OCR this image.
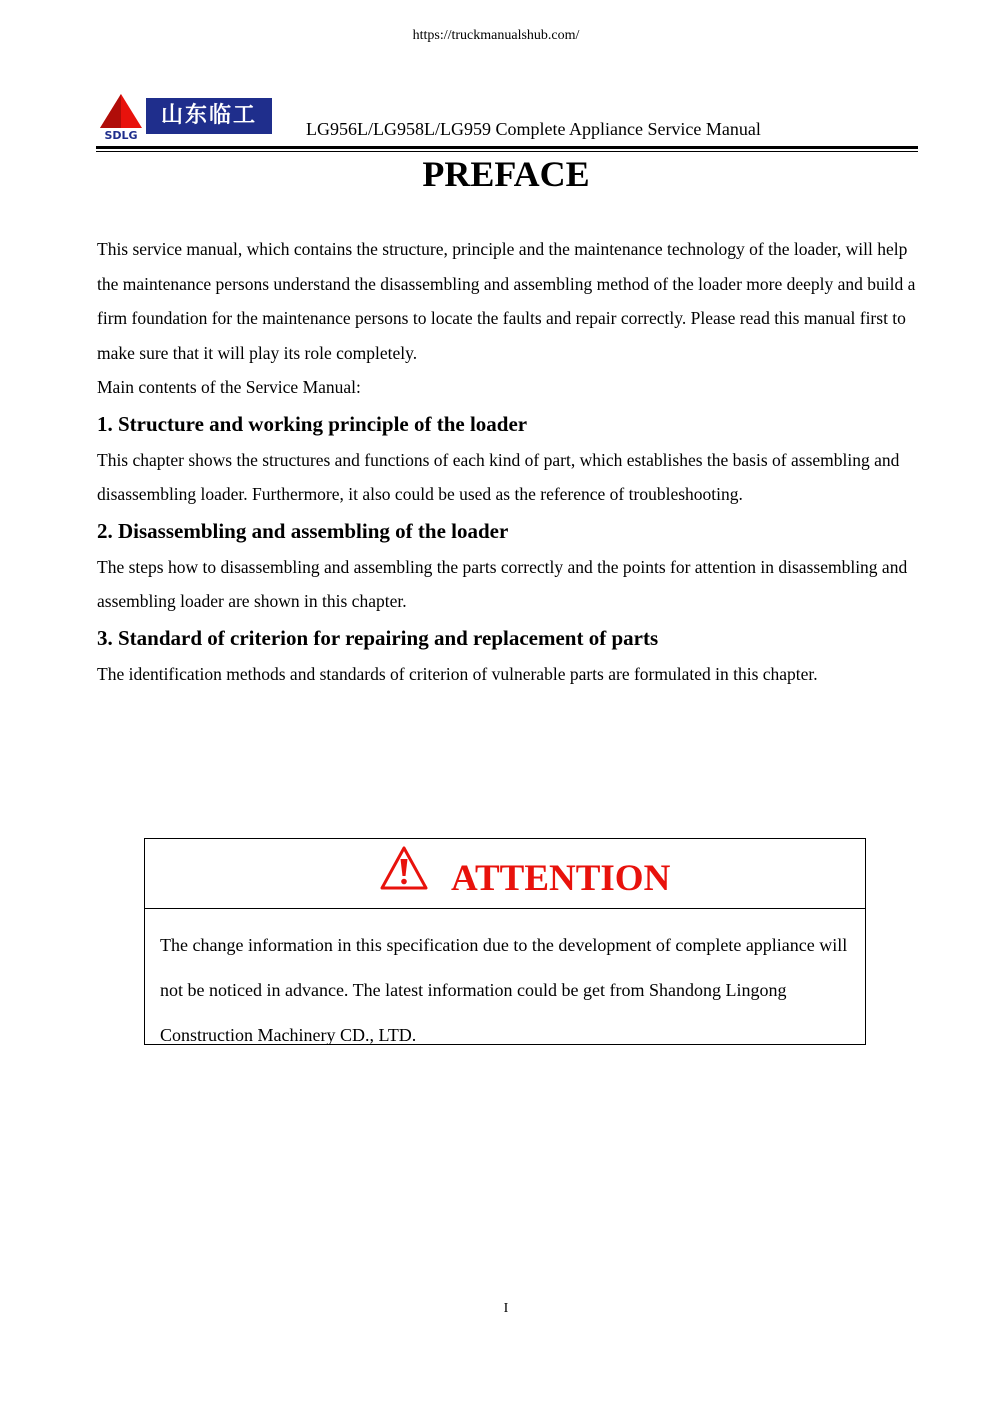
https://truckmanualshub.com/
SDLG
山东临工
LG956L/LG958L/LG959 Complete Appliance Service Manual
PREFACE

This service manual, which contains the structure, principle and the maintenance technology of the loader, will help the maintenance persons understand the disassembling and assembling method of the loader more deeply and build a firm foundation for the maintenance persons to locate the faults and repair correctly. Please read this manual first to make sure that it will play its role completely.

Main contents of the Service Manual:

1. Structure and working principle of the loader

This chapter shows the structures and functions of each kind of part, which establishes the basis of assembling and disassembling loader. Furthermore, it also could be used as the reference of troubleshooting.

2. Disassembling and assembling of the loader

The steps how to disassembling and assembling the parts correctly and the points for attention in disassembling and assembling loader are shown in this chapter.

3. Standard of criterion for repairing and replacement of parts

The identification methods and standards of criterion of vulnerable parts are formulated in this chapter.

ATTENTION
The change information in this specification due to the development of complete appliance will not be noticed in advance. The latest information could be get from Shandong Lingong Construction Machinery CD., LTD.
I
